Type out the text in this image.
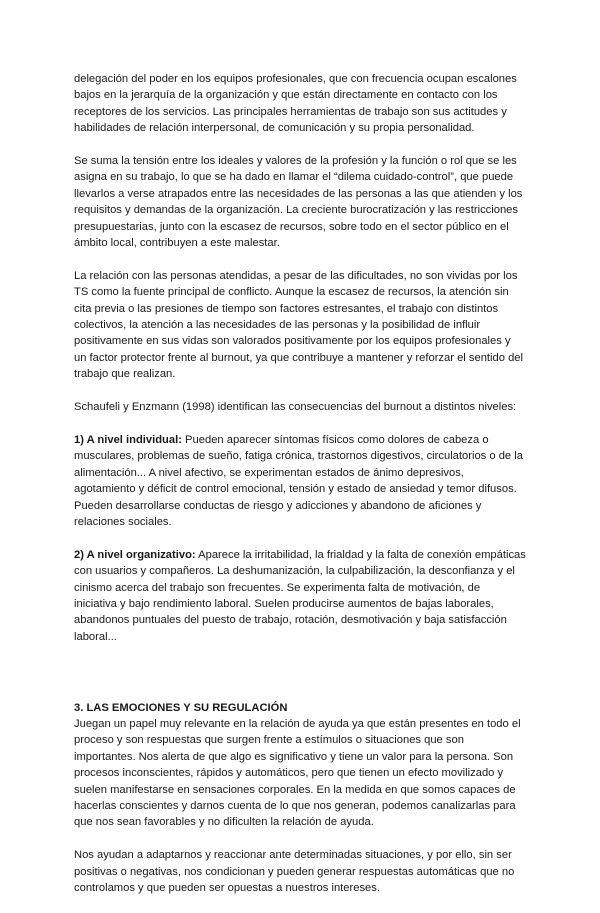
delegación del poder en los equipos profesionales, que con frecuencia ocupan escalones bajos en la jerarquía de la organización y que están directamente en contacto con los receptores de los servicios. Las principales herramientas de trabajo son sus actitudes y habilidades de relación interpersonal, de comunicación y su propia personalidad.

Se suma la tensión entre los ideales y valores de la profesión y la función o rol que se les asigna en su trabajo, lo que se ha dado en llamar el “dilema cuidado-control”, que puede llevarlos a verse atrapados entre las necesidades de las personas a las que atienden y los requisitos y demandas de la organización. La creciente burocratización y las restricciones presupuestarias, junto con la escasez de recursos, sobre todo en el sector público en el ámbito local, contribuyen a este malestar.

La relación con las personas atendidas, a pesar de las dificultades, no son vividas por los TS como la fuente principal de conflicto. Aunque la escasez de recursos, la atención sin cita previa o las presiones de tiempo son factores estresantes, el trabajo con distintos colectivos, la atención a las necesidades de las personas y la posibilidad de influir positivamente en sus vidas son valorados positivamente por los equipos profesionales y un factor protector frente al burnout, ya que contribuye a mantener y reforzar el sentido del trabajo que realizan.

Schaufeli y Enzmann (1998) identifican las consecuencias del burnout a distintos niveles:

1) A nivel individual: Pueden aparecer síntomas físicos como dolores de cabeza o musculares, problemas de sueño, fatiga crónica, trastornos digestivos, circulatorios o de la alimentación... A nivel afectivo, se experimentan estados de ánimo depresivos, agotamiento y déficit de control emocional, tensión y estado de ansiedad y temor difusos. Pueden desarrollarse conductas de riesgo y adicciones y abandono de aficiones y relaciones sociales.

2) A nivel organizativo: Aparece la irritabilidad, la frialdad y la falta de conexión empáticas con usuarios y compañeros. La deshumanización, la culpabilización, la desconfianza y el cinismo acerca del trabajo son frecuentes. Se experimenta falta de motivación, de iniciativa y bajo rendimiento laboral. Suelen producirse aumentos de bajas laborales, abandonos puntuales del puesto de trabajo, rotación, desmotivación y baja satisfacción laboral...

3. LAS EMOCIONES Y SU REGULACIÓN

Juegan un papel muy relevante en la relación de ayuda ya que están presentes en todo el proceso y son respuestas que surgen frente a estímulos o situaciones que son importantes. Nos alerta de que algo es significativo y tiene un valor para la persona. Son procesos inconscientes, rápidos y automáticos, pero que tienen un efecto movilizado y suelen manifestarse en sensaciones corporales. En la medida en que somos capaces de hacerlas conscientes y darnos cuenta de lo que nos generan, podemos canalizarlas para que nos sean favorables y no dificulten la relación de ayuda.

Nos ayudan a adaptarnos y reaccionar ante determinadas situaciones, y por ello, sin ser positivas o negativas, nos condicionan y pueden generar respuestas automáticas que no controlamos y que pueden ser opuestas a nuestros intereses.
